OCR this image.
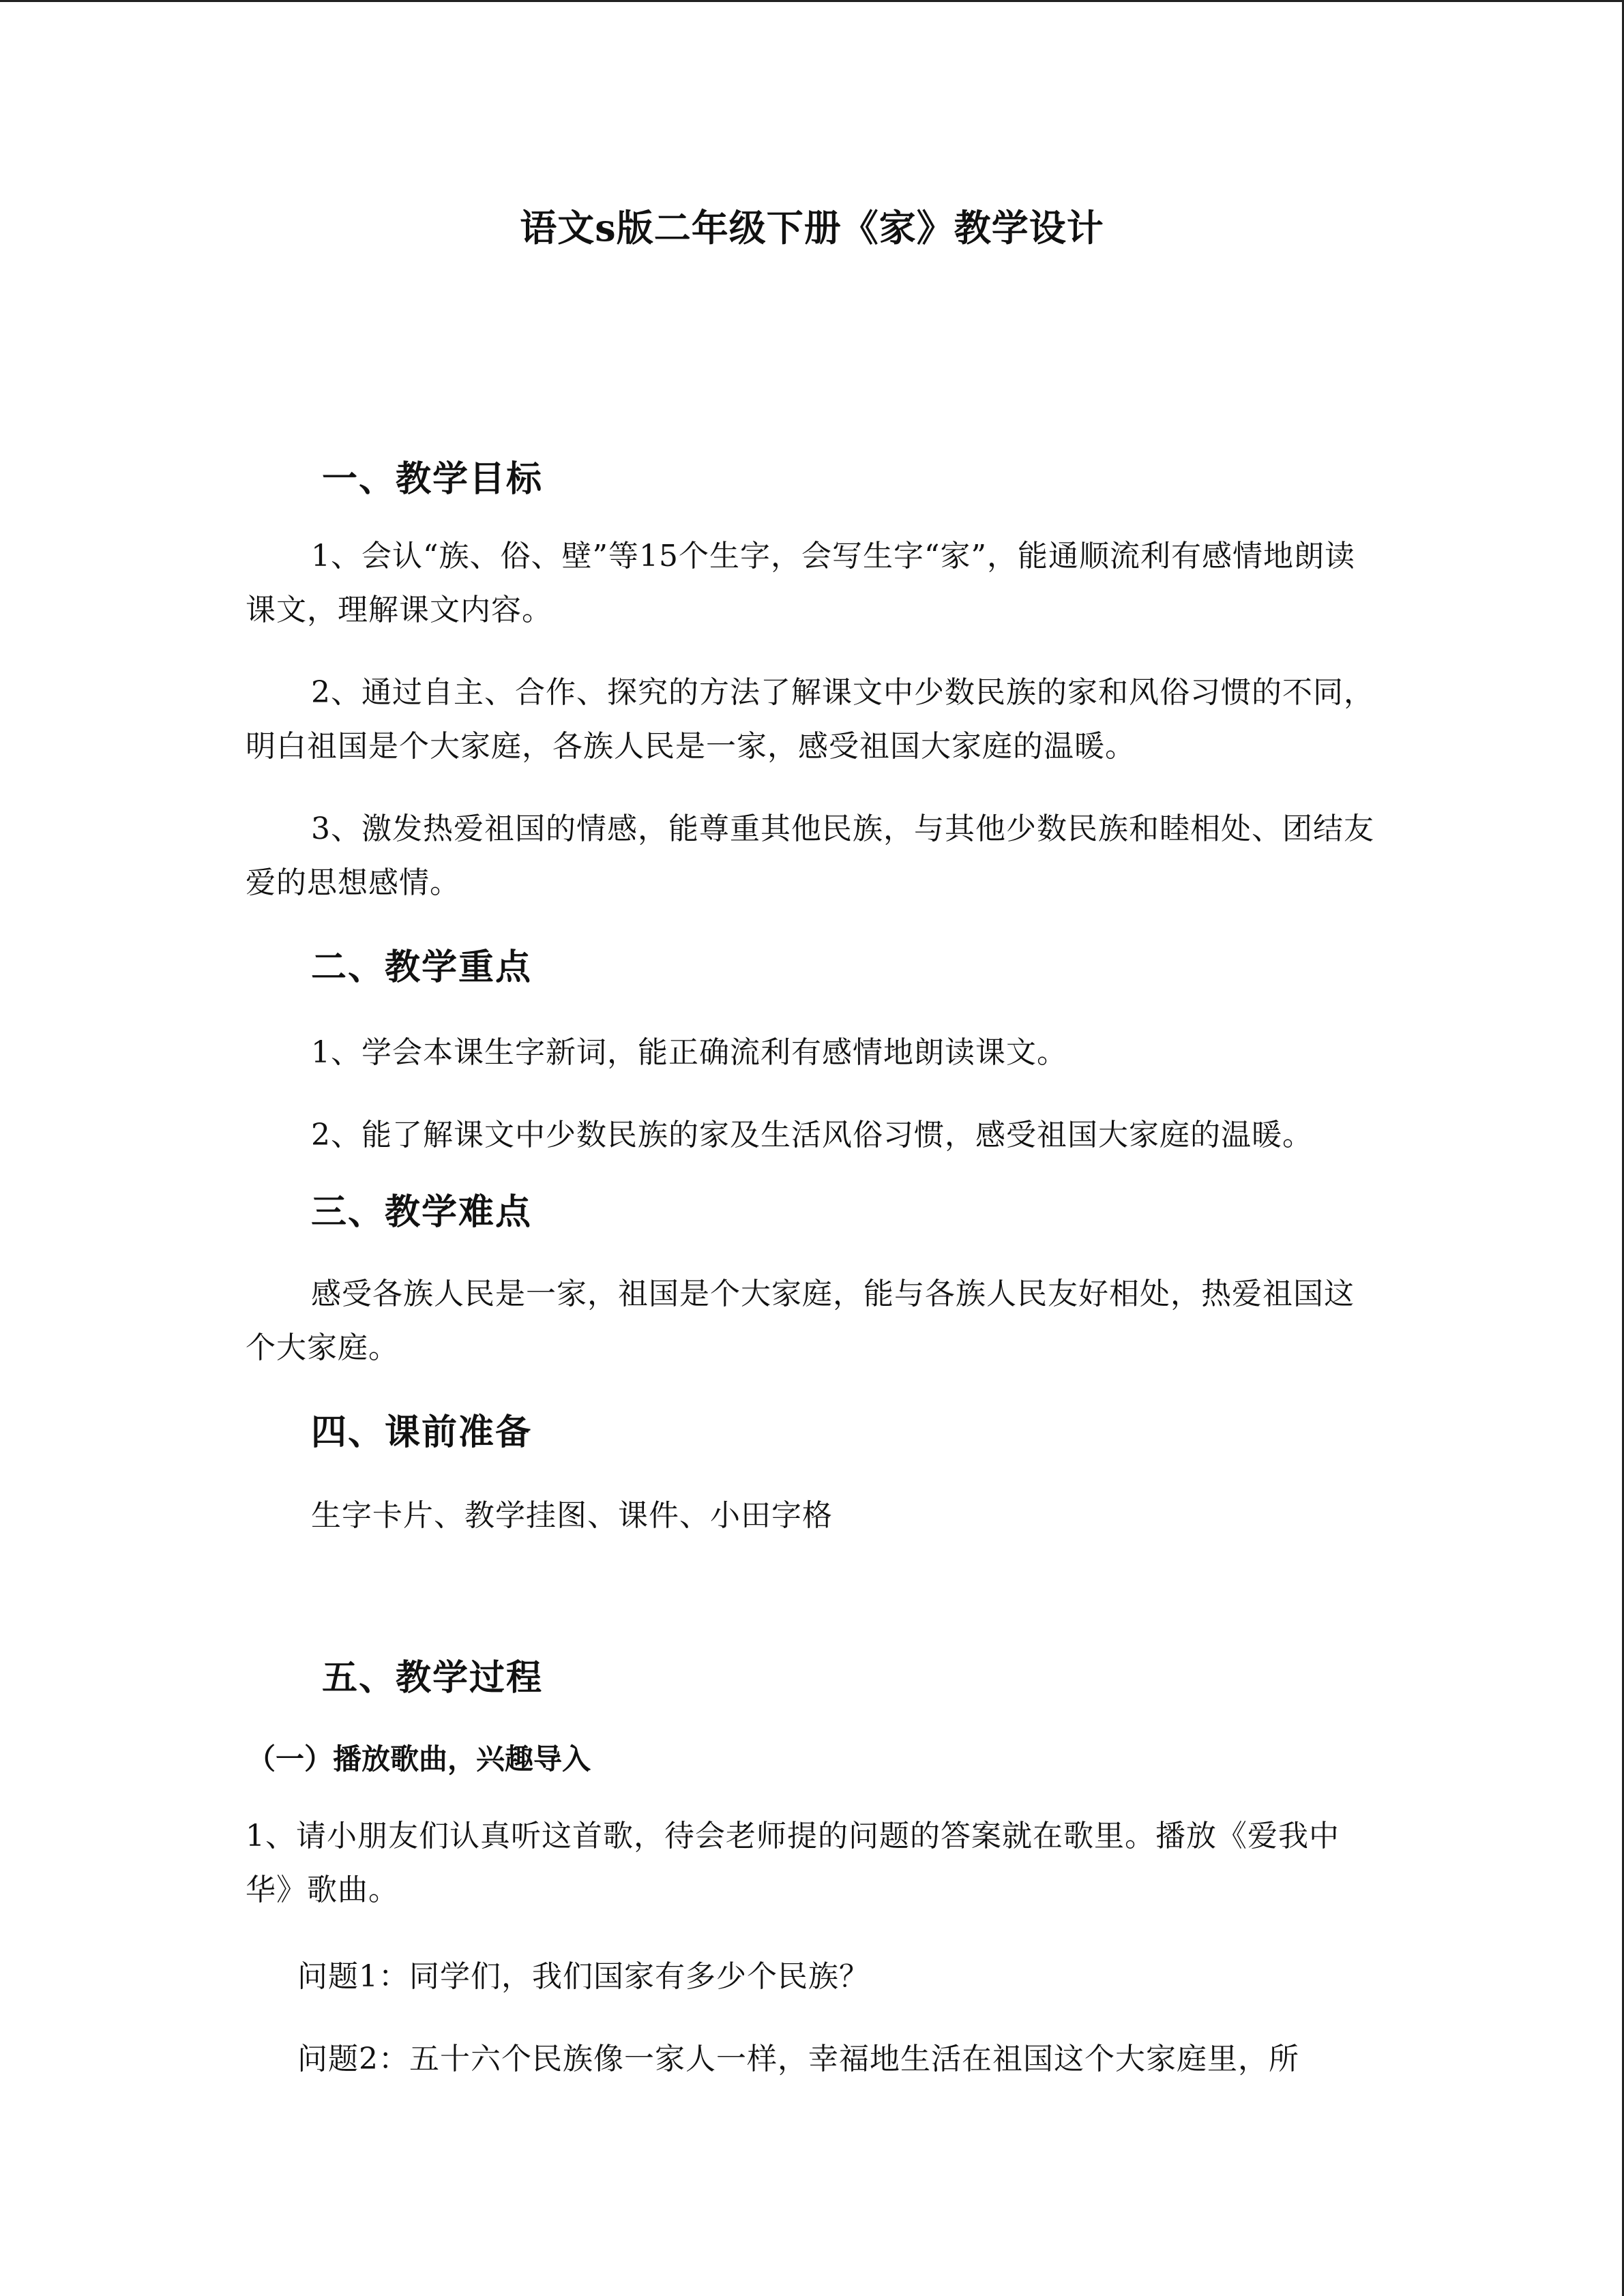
语文s版二年级下册《家》教学设计
一、教学目标

1、会认“族、俗、壁”等15个生字，会写生字“家”，能通顺流利有感情地朗读课文，理解课文内容。

2、通过自主、合作、探究的方法了解课文中少数民族的家和风俗习惯的不同，明白祖国是个大家庭，各族人民是一家，感受祖国大家庭的温暖。

3、激发热爱祖国的情感，能尊重其他民族，与其他少数民族和睦相处、团结友爱的思想感情。

二、教学重点

1、学会本课生字新词，能正确流利有感情地朗读课文。

2、能了解课文中少数民族的家及生活风俗习惯，感受祖国大家庭的温暖。

三、教学难点

感受各族人民是一家，祖国是个大家庭，能与各族人民友好相处，热爱祖国这个大家庭。

四、课前准备

生字卡片、教学挂图、课件、小田字格

五、教学过程
（一）播放歌曲，兴趣导入

1、请小朋友们认真听这首歌，待会老师提的问题的答案就在歌里。播放《爱我中华》歌曲。

问题1：同学们，我们国家有多少个民族？

问题2：五十六个民族像一家人一样，幸福地生活在祖国这个大家庭里，所
